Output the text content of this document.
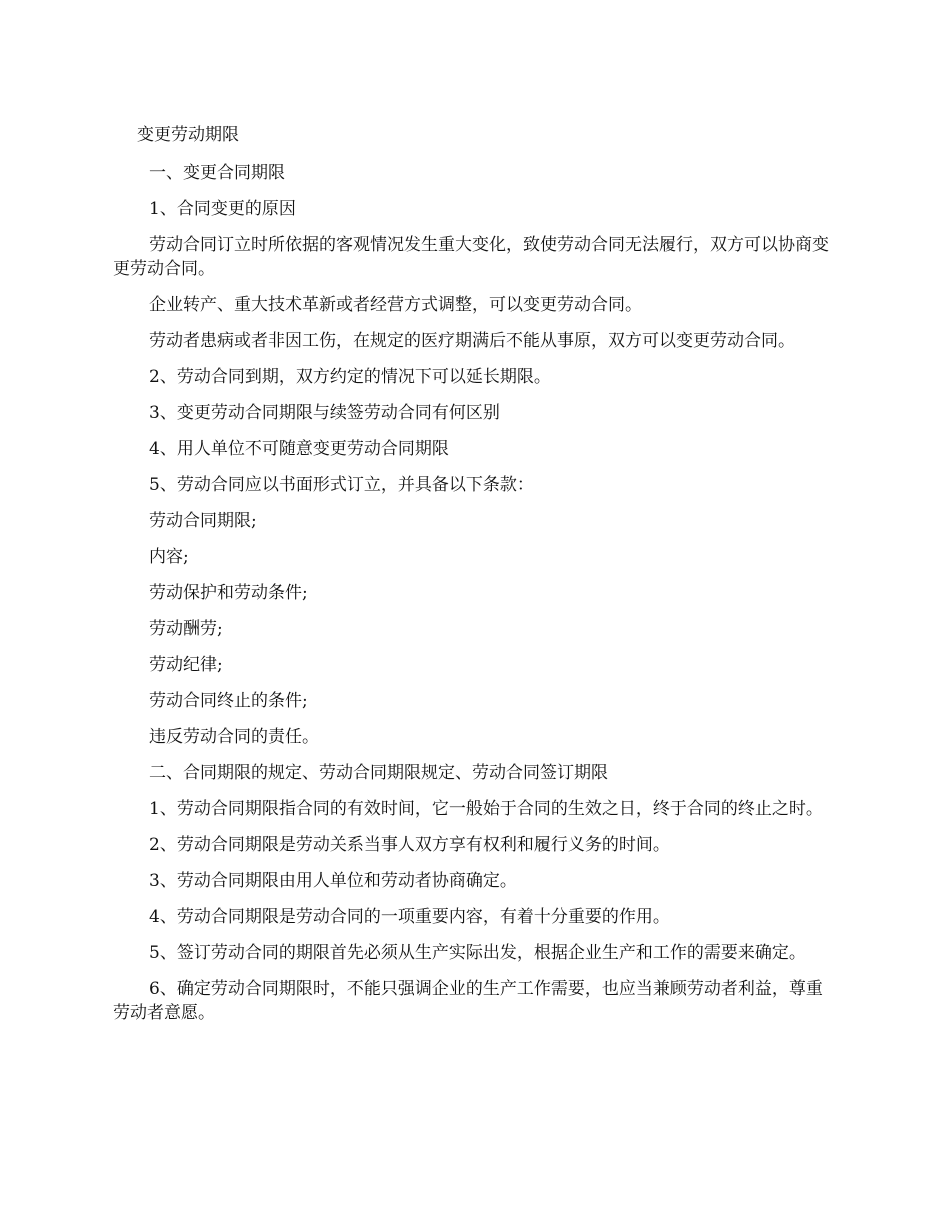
变更劳动期限

一、变更合同期限

1、合同变更的原因

劳动合同订立时所依据的客观情况发生重大变化，致使劳动合同无法履行，双方可以协商变更劳动合同。

企业转产、重大技术革新或者经营方式调整，可以变更劳动合同。

劳动者患病或者非因工伤，在规定的医疗期满后不能从事原，双方可以变更劳动合同。

2、劳动合同到期，双方约定的情况下可以延长期限。

3、变更劳动合同期限与续签劳动合同有何区别

4、用人单位不可随意变更劳动合同期限

5、劳动合同应以书面形式订立，并具备以下条款：

劳动合同期限;

内容;

劳动保护和劳动条件;

劳动酬劳;

劳动纪律;

劳动合同终止的条件;

违反劳动合同的责任。

二、合同期限的规定、劳动合同期限规定、劳动合同签订期限

1、劳动合同期限指合同的有效时间，它一般始于合同的生效之日，终于合同的终止之时。

2、劳动合同期限是劳动关系当事人双方享有权利和履行义务的时间。

3、劳动合同期限由用人单位和劳动者协商确定。

4、劳动合同期限是劳动合同的一项重要内容，有着十分重要的作用。

5、签订劳动合同的期限首先必须从生产实际出发，根据企业生产和工作的需要来确定。

6、确定劳动合同期限时，不能只强调企业的生产工作需要，也应当兼顾劳动者利益，尊重劳动者意愿。
